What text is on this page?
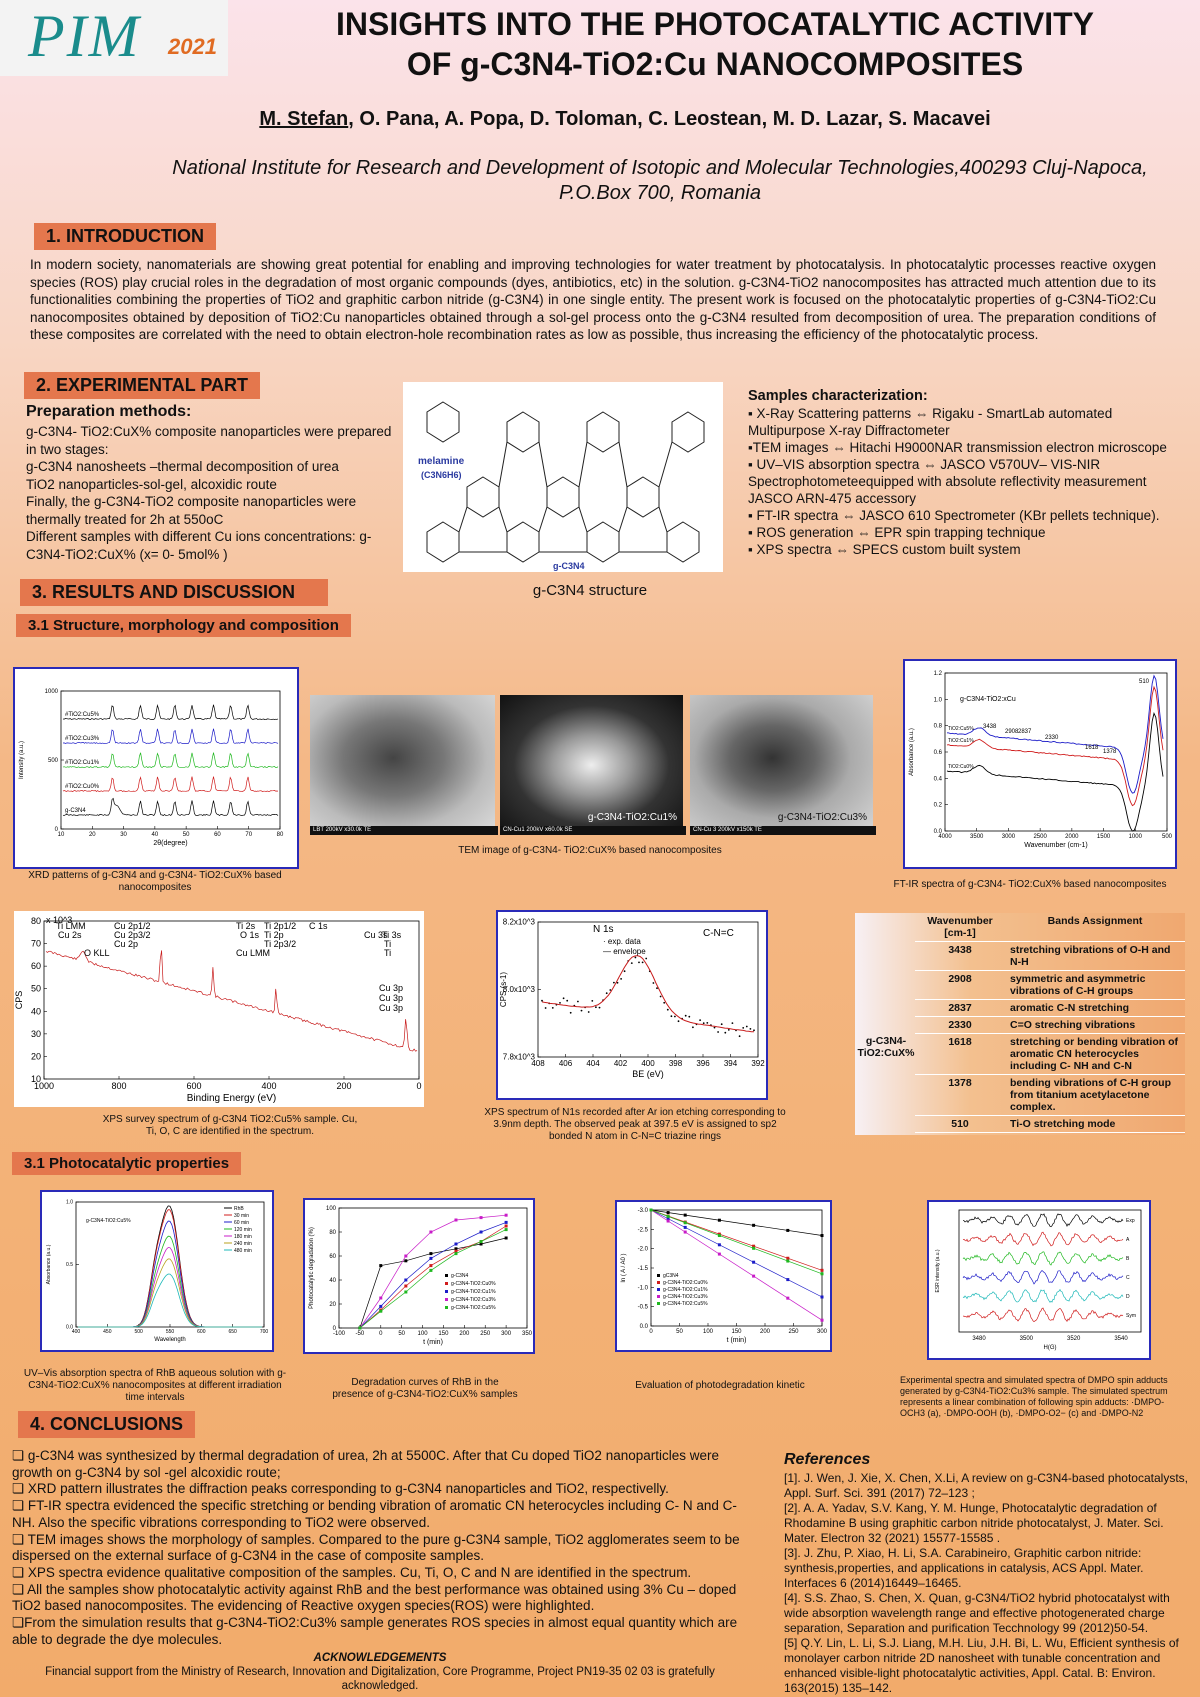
PIM 2021
INSIGHTS INTO THE PHOTOCATALYTIC ACTIVITY
OF g-C3N4-TiO2:Cu NANOCOMPOSITES
M. Stefan, O. Pana, A. Popa, D. Toloman, C. Leostean, M. D. Lazar, S. Macavei
National Institute for Research and Development of Isotopic and Molecular Technologies,400293 Cluj-Napoca,
P.O.Box 700, Romania
1. INTRODUCTION
In modern society, nanomaterials are showing great potential for enabling and improving technologies for water treatment by photocatalysis. In photocatalytic processes reactive oxygen species (ROS) play crucial roles in the degradation of most organic compounds (dyes, antibiotics, etc) in the solution. g-C3N4-TiO2 nanocomposites has attracted much attention due to its functionalities combining the properties of TiO2 and graphitic carbon nitride (g-C3N4) in one single entity. The present work is focused on the photocatalytic properties of g-C3N4-TiO2:Cu nanocomposites obtained by deposition of TiO2:Cu nanoparticles obtained through a sol-gel process onto the g-C3N4 resulted from decomposition of urea. The preparation conditions of these composites are correlated with the need to obtain electron-hole recombination rates as low as possible, thus increasing the efficiency of the photocatalytic process.
2. EXPERIMENTAL PART
Preparation methods:
g-C3N4- TiO2:CuX% composite nanoparticles were prepared in two stages:
g-C3N4 nanosheets –thermal decomposition of urea
TiO2 nanoparticles-sol-gel, alcoxidic route
Finally, the g-C3N4-TiO2 composite nanoparticles were thermally treated for 2h at 550oC
Different samples with different Cu ions concentrations: g-C3N4-TiO2:CuX% (x= 0- 5mol% )
melamine
(C3N6H6)
g-C3N4
g-C3N4 structure
Samples characterization:
▪ X-Ray Scattering patterns ⇔ Rigaku - SmartLab automated Multipurpose X-ray Diffractometer
▪TEM images ⇔ Hitachi H9000NAR transmission electron microscope
▪ UV–VIS absorption spectra ⇔ JASCO V570UV– VIS-NIR Spectrophotometeequipped with absolute reflectivity measurement JASCO ARN-475 accessory
▪ FT-IR spectra ⇔ JASCO 610 Spectrometer (KBr pellets technique).
▪ ROS generation ⇔ EPR spin trapping technique
▪ XPS spectra ⇔ SPECS custom built system
3. RESULTS AND DISCUSSION
3.1 Structure, morphology and composition
10	20	30	40	50	60	70	80
0
500
1000
2θ(degree)
Intensity (a.u.)
#TiO2:Cu5%
#TiO2:Cu3%
#TiO2:Cu1%
#TiO2:Cu0%
g-C3N4
XRD patterns of g-C3N4 and g-C3N4- TiO2:CuX% based nanocomposites
LBT 200kV x30.0k TE
g-C3N4-TiO2:Cu1%
CN-Cu1 200kV x60.0k SE
g-C3N4-TiO2:Cu3%
CN-Cu 3 200kV x150k TE
TEM image of g-C3N4- TiO2:CuX% based nanocomposites
4000	3500	3000	2500	2000	1500	1000	500
0.0
0.2
0.4
0.6
0.8
1.0
1.2
Wavenumber (cm-1)
Absorbance (a.u.)	TiO2:Cu5%
TiO2:Cu1%
TiO2:Cu0%
g-C3N4-TiO2:xCu
3438
2908 2837
2330
1618
1378
510
FT-IR spectra of g-C3N4- TiO2:CuX% based nanocomposites
1000	800	600	400	200	0
10
20
30
40
50
60
70
80
Binding Energy (eV)
CPS
x 10^3
Ti LMM
Cu 2s
Cu 2p1/2
Cu 2p3/2
Cu 2p
O KLL
Ti 2s
O 1s
Ti 2p1/2
Ti 2p
Ti 2p3/2
Cu LMM
C 1s
Ti 3s
Cu 3s
Ti
Ti
Cu 3p
Cu 3p
Cu 3p
XPS survey spectrum of g-C3N4 TiO2:Cu5% sample. Cu, Ti, O, C are identified in the spectrum.
408 406 404 402 400 398 396 394 392
7.8x10^3
8.0x10^3
8.2x10^3
BE (eV)
CPS (s-1)
N 1s
· exp. data
— envelope
C-N=C
XPS spectrum of N1s recorded after Ar ion etching corresponding to 3.9nm depth. The observed peak at 397.5 eV is assigned to sp2 bonded N atom in C-N=C triazine rings
Wavenumber [cm-1]	Bands Assignment
3438	stretching vibrations of O-H and N-H
2908	symmetric and asymmetric vibrations of C-H groups
2837	aromatic C-N stretching
2330	C=O streching vibrations
1618	stretching or bending vibration of aromatic CN heterocycles including C- NH and C-N
1378	bending vibrations of C-H group from titanium acetylacetone complex.
510	Ti-O stretching mode
g-C3N4-TiO2:CuX%
3.1 Photocatalytic properties
400	450	500	550	600	650	700
0.0
0.5
1.0
Wavelength
Absorbance (a.u.)
RhB
30 min
60 min
120 min
180 min
240 min
480 min
g-C3N4-TiO2:Cu5%
UV–Vis absorption spectra of RhB aqueous solution with g-C3N4-TiO2:CuX% nanocomposites at different irradiation time intervals
-100 -50 0	50 100 150 200 250 300 350
0
20
40
60
80
100
t (min)
Photocatalytic degradation (%)	g-C3N4
g-C3N4-TiO2:Cu0%
g-C3N4-TiO2:Cu1%
g-C3N4-TiO2:Cu3%
g-C3N4-TiO2:Cu5%
Degradation curves of RhB in the presence of g-C3N4-TiO2:CuX% samples
0	50	100	150	200	250	300
0.0
-0.5
-1.0
-1.5
-2.0
-2.5
-3.0
t (min)
ln ( A / A0 )	gC3N4
g-C3N4-TiO2:Cu0%
g-C3N4-TiO2:Cu1%
g-C3N4-TiO2:Cu3%
g-C3N4-TiO2:Cu5%
Evaluation of photodegradation kinetic
3480	3500	3520	3540
H(G)
ESR intensity (a.u.)
Exp
A
B
C
D
Sym
Experimental spectra and simulated spectra of DMPO spin adducts generated by g-C3N4-TiO2:Cu3% sample. The simulated spectrum represents a linear combination of following spin adducts: ·DMPO-OCH3 (a), ·DMPO-OOH (b), ·DMPO-O2− (c) and ·DMPO-N2
4. CONCLUSIONS
❏ g-C3N4 was synthesized by thermal degradation of urea, 2h at 5500C. After that Cu doped TiO2 nanoparticles were growth on g-C3N4 by sol -gel alcoxidic route;
❏ XRD pattern illustrates the diffraction peaks corresponding to g-C3N4 nanoparticles and TiO2, respectivelly.
❏ FT-IR spectra evidenced the specific stretching or bending vibration of aromatic CN heterocycles including C- N and C- NH. Also the specific vibrations corresponding to TiO2 were observed.
❏ TEM images shows the morphology of samples. Compared to the pure g-C3N4 sample, TiO2 agglomerates seem to be dispersed on the external surface of g-C3N4 in the case of composite samples.
❏ XPS spectra evidence qualitative composition of the samples. Cu, Ti, O, C and N are identified in the spectrum.
❏ All the samples show photocatalytic activity against RhB and the best performance was obtained using 3% Cu – doped TiO2 based nanocomposites. The evidencing of Reactive oxygen species(ROS) were highlighted.
❏From the simulation results that g-C3N4-TiO2:Cu3% sample generates ROS species in almost equal quantity which are able to degrade the dye molecules.
ACKNOWLEDGEMENTS
Financial support from the Ministry of Research, Innovation and Digitalization, Core Programme, Project PN19-35 02 03 is gratefully acknowledged.
References
[1]. J. Wen, J. Xie, X. Chen, X.Li, A review on g-C3N4-based photocatalysts, Appl. Surf. Sci. 391 (2017) 72–123 ;
[2]. A. A. Yadav, S.V. Kang, Y. M. Hunge, Photocatalytic degradation of Rhodamine B using graphitic carbon nitride photocatalyst, J. Mater. Sci. Mater. Electron 32 (2021) 15577-15585 .
[3]. J. Zhu, P. Xiao, H. Li, S.A. Carabineiro, Graphitic carbon nitride: synthesis,properties, and applications in catalysis, ACS Appl. Mater. Interfaces 6 (2014)16449–16465.
[4]. S.S. Zhao, S. Chen, X. Quan, g-C3N4/TiO2 hybrid photocatalyst with wide absorption wavelength range and effective photogenerated charge separation, Separation and purification Tecchnology 99 (2012)50-54.
[5] Q.Y. Lin, L. Li, S.J. Liang, M.H. Liu, J.H. Bi, L. Wu, Efficient synthesis of monolayer carbon nitride 2D nanosheet with tunable concentration and enhanced visible-light photocatalytic activities, Appl. Catal. B: Environ. 163(2015) 135–142.
